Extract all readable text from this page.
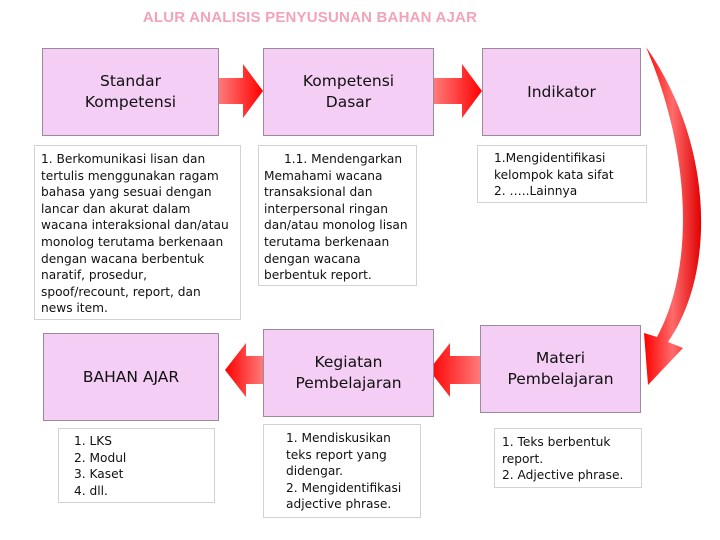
ALUR ANALISIS PENYUSUNAN BAHAN AJAR
Standar
Kompetensi
Kompetensi
Dasar
Indikator
1. Berkomunikasi lisan dan tertulis menggunakan ragam bahasa yang sesuai dengan lancar dan akurat dalam wacana interaksional dan/atau monolog terutama berkenaan dengan wacana berbentuk naratif, prosedur, spoof/recount, report, dan news item.
1.1. Mendengarkan Memahami wacana transaksional dan interpersonal ringan dan/atau monolog lisan terutama berkenaan dengan wacana berbentuk report.
1.Mengidentifikasi
kelompok kata sifat
2. …..Lainnya
BAHAN AJAR
Kegiatan
Pembelajaran
Materi
Pembelajaran
1. LKS
2. Modul
3. Kaset
4. dll.
1. Mendiskusikan
teks report yang
didengar.
2. Mengidentifikasi
adjective phrase.
1. Teks berbentuk
report.
2. Adjective phrase.
